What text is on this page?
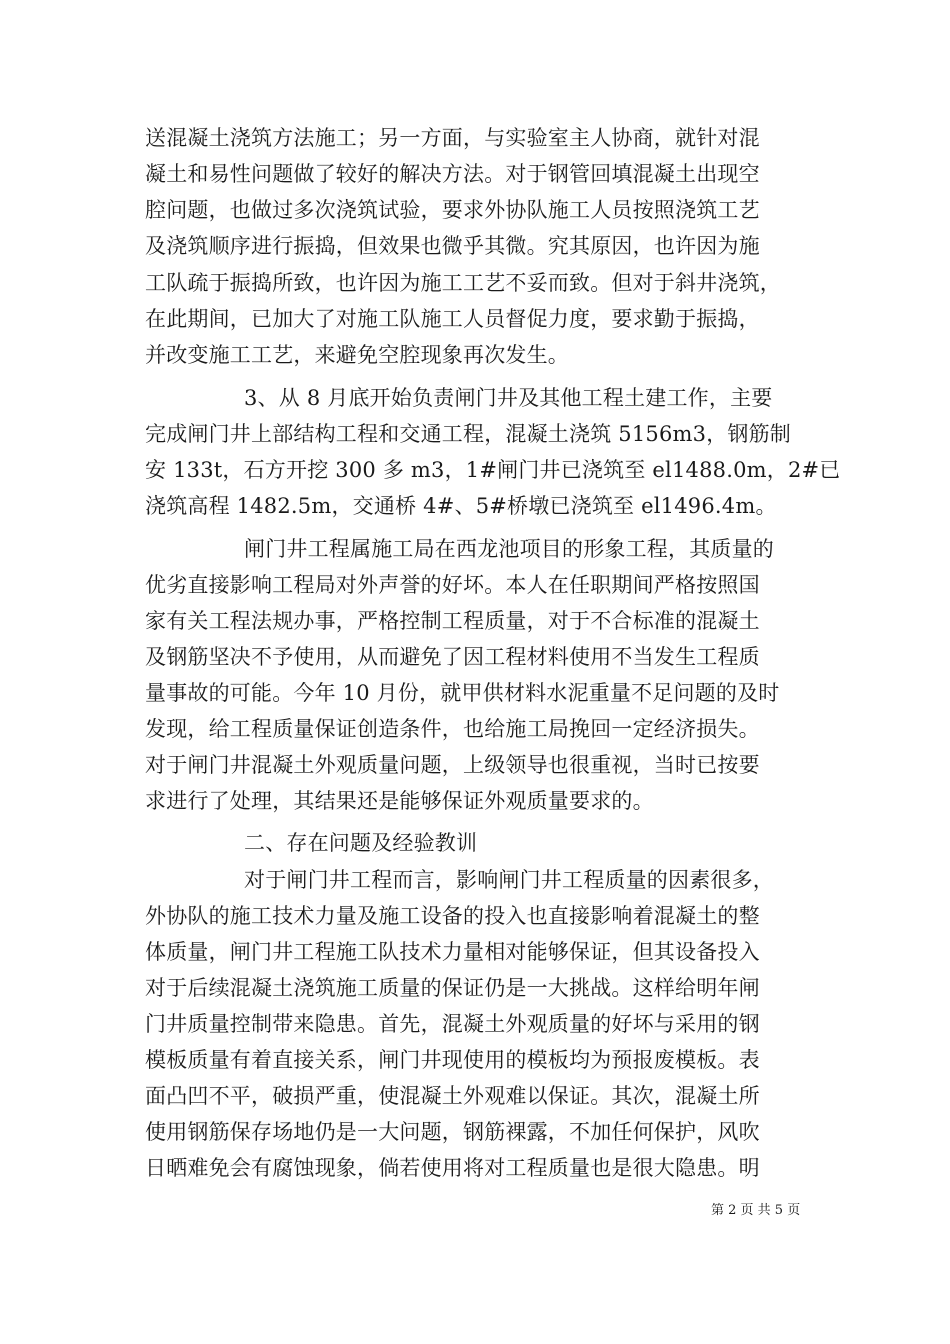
送混凝土浇筑方法施工；另一方面，与实验室主人协商，就针对混
凝土和易性问题做了较好的解决方法。对于钢管回填混凝土出现空
腔问题，也做过多次浇筑试验，要求外协队施工人员按照浇筑工艺
及浇筑顺序进行振捣，但效果也微乎其微。究其原因，也许因为施
工队疏于振捣所致，也许因为施工工艺不妥而致。但对于斜井浇筑，
在此期间，已加大了对施工队施工人员督促力度，要求勤于振捣，
并改变施工工艺，来避免空腔现象再次发生。
3、从 8 月底开始负责闸门井及其他工程土建工作，主要
完成闸门井上部结构工程和交通工程，混凝土浇筑 5156m3，钢筋制
安 133t，石方开挖 300 多 m3，1#闸门井已浇筑至 el1488.0m，2#已
浇筑高程 1482.5m，交通桥 4#、5#桥墩已浇筑至 el1496.4m。
闸门井工程属施工局在西龙池项目的形象工程，其质量的
优劣直接影响工程局对外声誉的好坏。本人在任职期间严格按照国
家有关工程法规办事，严格控制工程质量，对于不合标准的混凝土
及钢筋坚决不予使用，从而避免了因工程材料使用不当发生工程质
量事故的可能。今年 10 月份，就甲供材料水泥重量不足问题的及时
发现，给工程质量保证创造条件，也给施工局挽回一定经济损失。
对于闸门井混凝土外观质量问题，上级领导也很重视，当时已按要
求进行了处理，其结果还是能够保证外观质量要求的。
二、存在问题及经验教训
对于闸门井工程而言，影响闸门井工程质量的因素很多，
外协队的施工技术力量及施工设备的投入也直接影响着混凝土的整
体质量，闸门井工程施工队技术力量相对能够保证，但其设备投入
对于后续混凝土浇筑施工质量的保证仍是一大挑战。这样给明年闸
门井质量控制带来隐患。首先，混凝土外观质量的好坏与采用的钢
模板质量有着直接关系，闸门井现使用的模板均为预报废模板。表
面凸凹不平，破损严重，使混凝土外观难以保证。其次，混凝土所
使用钢筋保存场地仍是一大问题，钢筋裸露，不加任何保护，风吹
日晒难免会有腐蚀现象，倘若使用将对工程质量也是很大隐患。明
第 2 页 共 5 页
